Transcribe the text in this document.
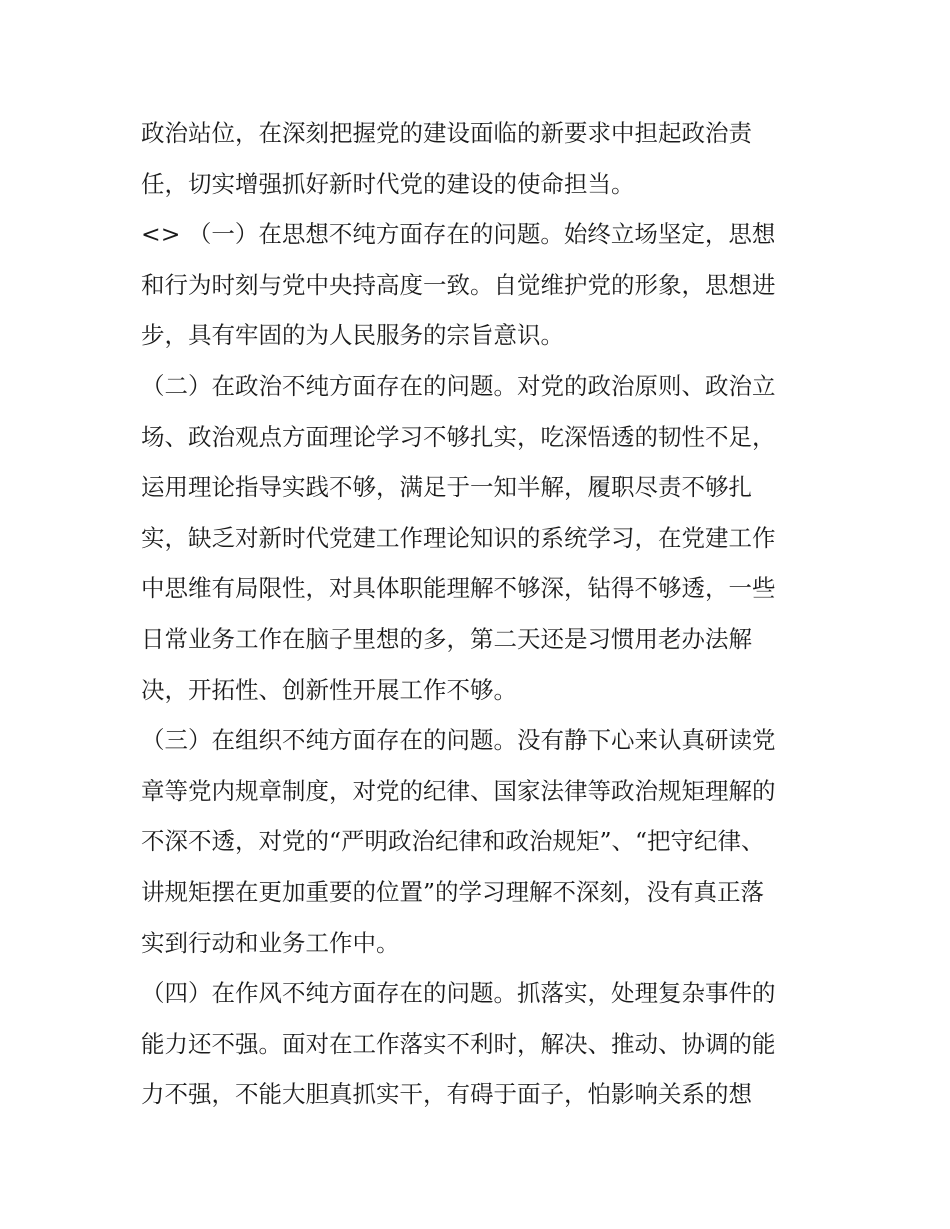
政治站位，在深刻把握党的建设面临的新要求中担起政治责
任，切实增强抓好新时代党的建设的使命担当。
<> （一）在思想不纯方面存在的问题。始终立场坚定，思想
和行为时刻与党中央持高度一致。自觉维护党的形象，思想进
步，具有牢固的为人民服务的宗旨意识。
（二）在政治不纯方面存在的问题。对党的政治原则、政治立
场、政治观点方面理论学习不够扎实，吃深悟透的韧性不足，
运用理论指导实践不够，满足于一知半解，履职尽责不够扎
实，缺乏对新时代党建工作理论知识的系统学习，在党建工作
中思维有局限性，对具体职能理解不够深，钻得不够透，一些
日常业务工作在脑子里想的多，第二天还是习惯用老办法解
决，开拓性、创新性开展工作不够。
（三）在组织不纯方面存在的问题。没有静下心来认真研读党
章等党内规章制度，对党的纪律、国家法律等政治规矩理解的
不深不透，对党的“严明政治纪律和政治规矩”、“把守纪律、
讲规矩摆在更加重要的位置”的学习理解不深刻，没有真正落
实到行动和业务工作中。
（四）在作风不纯方面存在的问题。抓落实，处理复杂事件的
能力还不强。面对在工作落实不利时，解决、推动、协调的能
力不强，不能大胆真抓实干，有碍于面子，怕影响关系的想
